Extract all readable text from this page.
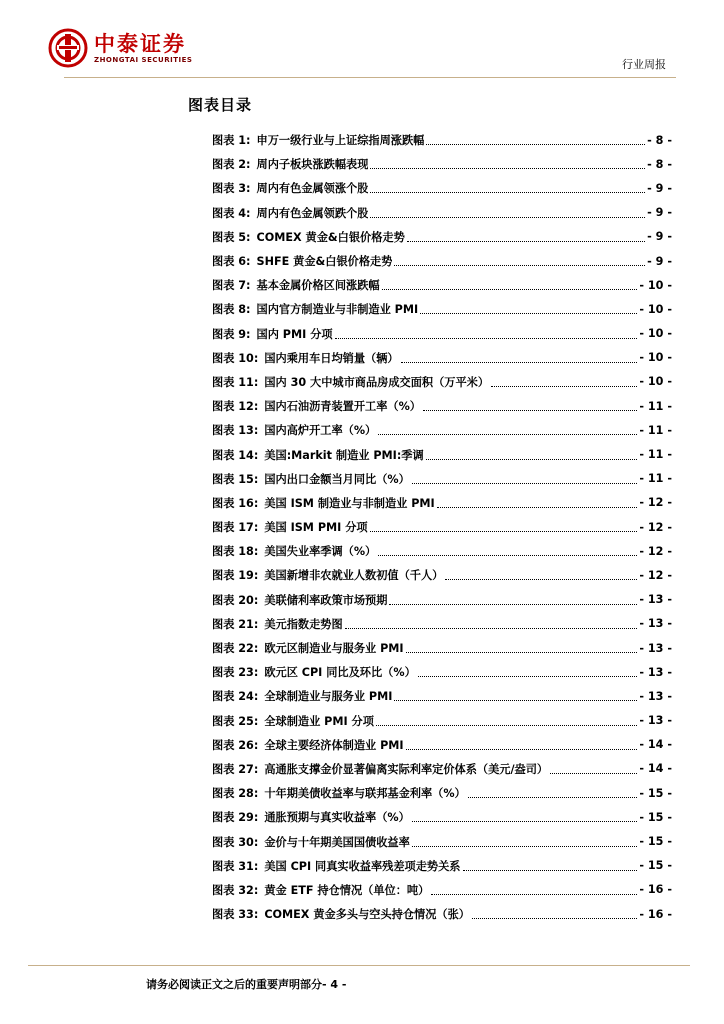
中泰证券
ZHONGTAI SECURITIES	行业周报
图表目录
图表 1: 申万一级行业与上证综指周涨跌幅	- 8 -
图表 2: 周内子板块涨跌幅表现	- 8 -
图表 3: 周内有色金属领涨个股	- 9 -
图表 4: 周内有色金属领跌个股	- 9 -
图表 5: COMEX 黄金&白银价格走势	- 9 -
图表 6: SHFE 黄金&白银价格走势	- 9 -
图表 7: 基本金属价格区间涨跌幅	- 10 -
图表 8: 国内官方制造业与非制造业 PMI	- 10 -
图表 9: 国内 PMI 分项	- 10 -
图表 10: 国内乘用车日均销量（辆）	- 10 -
图表 11: 国内 30 大中城市商品房成交面积（万平米）	- 10 -
图表 12: 国内石油沥青装置开工率（%）	- 11 -
图表 13: 国内高炉开工率（%）	- 11 -
图表 14: 美国:Markit 制造业 PMI:季调	- 11 -
图表 15: 国内出口金额当月同比（%）	- 11 -
图表 16: 美国 ISM 制造业与非制造业 PMI	- 12 -
图表 17: 美国 ISM PMI 分项	- 12 -
图表 18: 美国失业率季调（%）	- 12 -
图表 19: 美国新增非农就业人数初值（千人）	- 12 -
图表 20: 美联储利率政策市场预期	- 13 -
图表 21: 美元指数走势图	- 13 -
图表 22: 欧元区制造业与服务业 PMI	- 13 -
图表 23: 欧元区 CPI 同比及环比（%）	- 13 -
图表 24: 全球制造业与服务业 PMI	- 13 -
图表 25: 全球制造业 PMI 分项	- 13 -
图表 26: 全球主要经济体制造业 PMI	- 14 -
图表 27: 高通胀支撑金价显著偏离实际利率定价体系（美元/盎司）	- 14 -
图表 28: 十年期美债收益率与联邦基金利率（%）	- 15 -
图表 29: 通胀预期与真实收益率（%）	- 15 -
图表 30: 金价与十年期美国国债收益率	- 15 -
图表 31: 美国 CPI 同真实收益率残差项走势关系	- 15 -
图表 32: 黄金 ETF 持仓情况（单位：吨）	- 16 -
图表 33: COMEX 黄金多头与空头持仓情况（张）	- 16 -
请务必阅读正文之后的重要声明部分- 4 -
